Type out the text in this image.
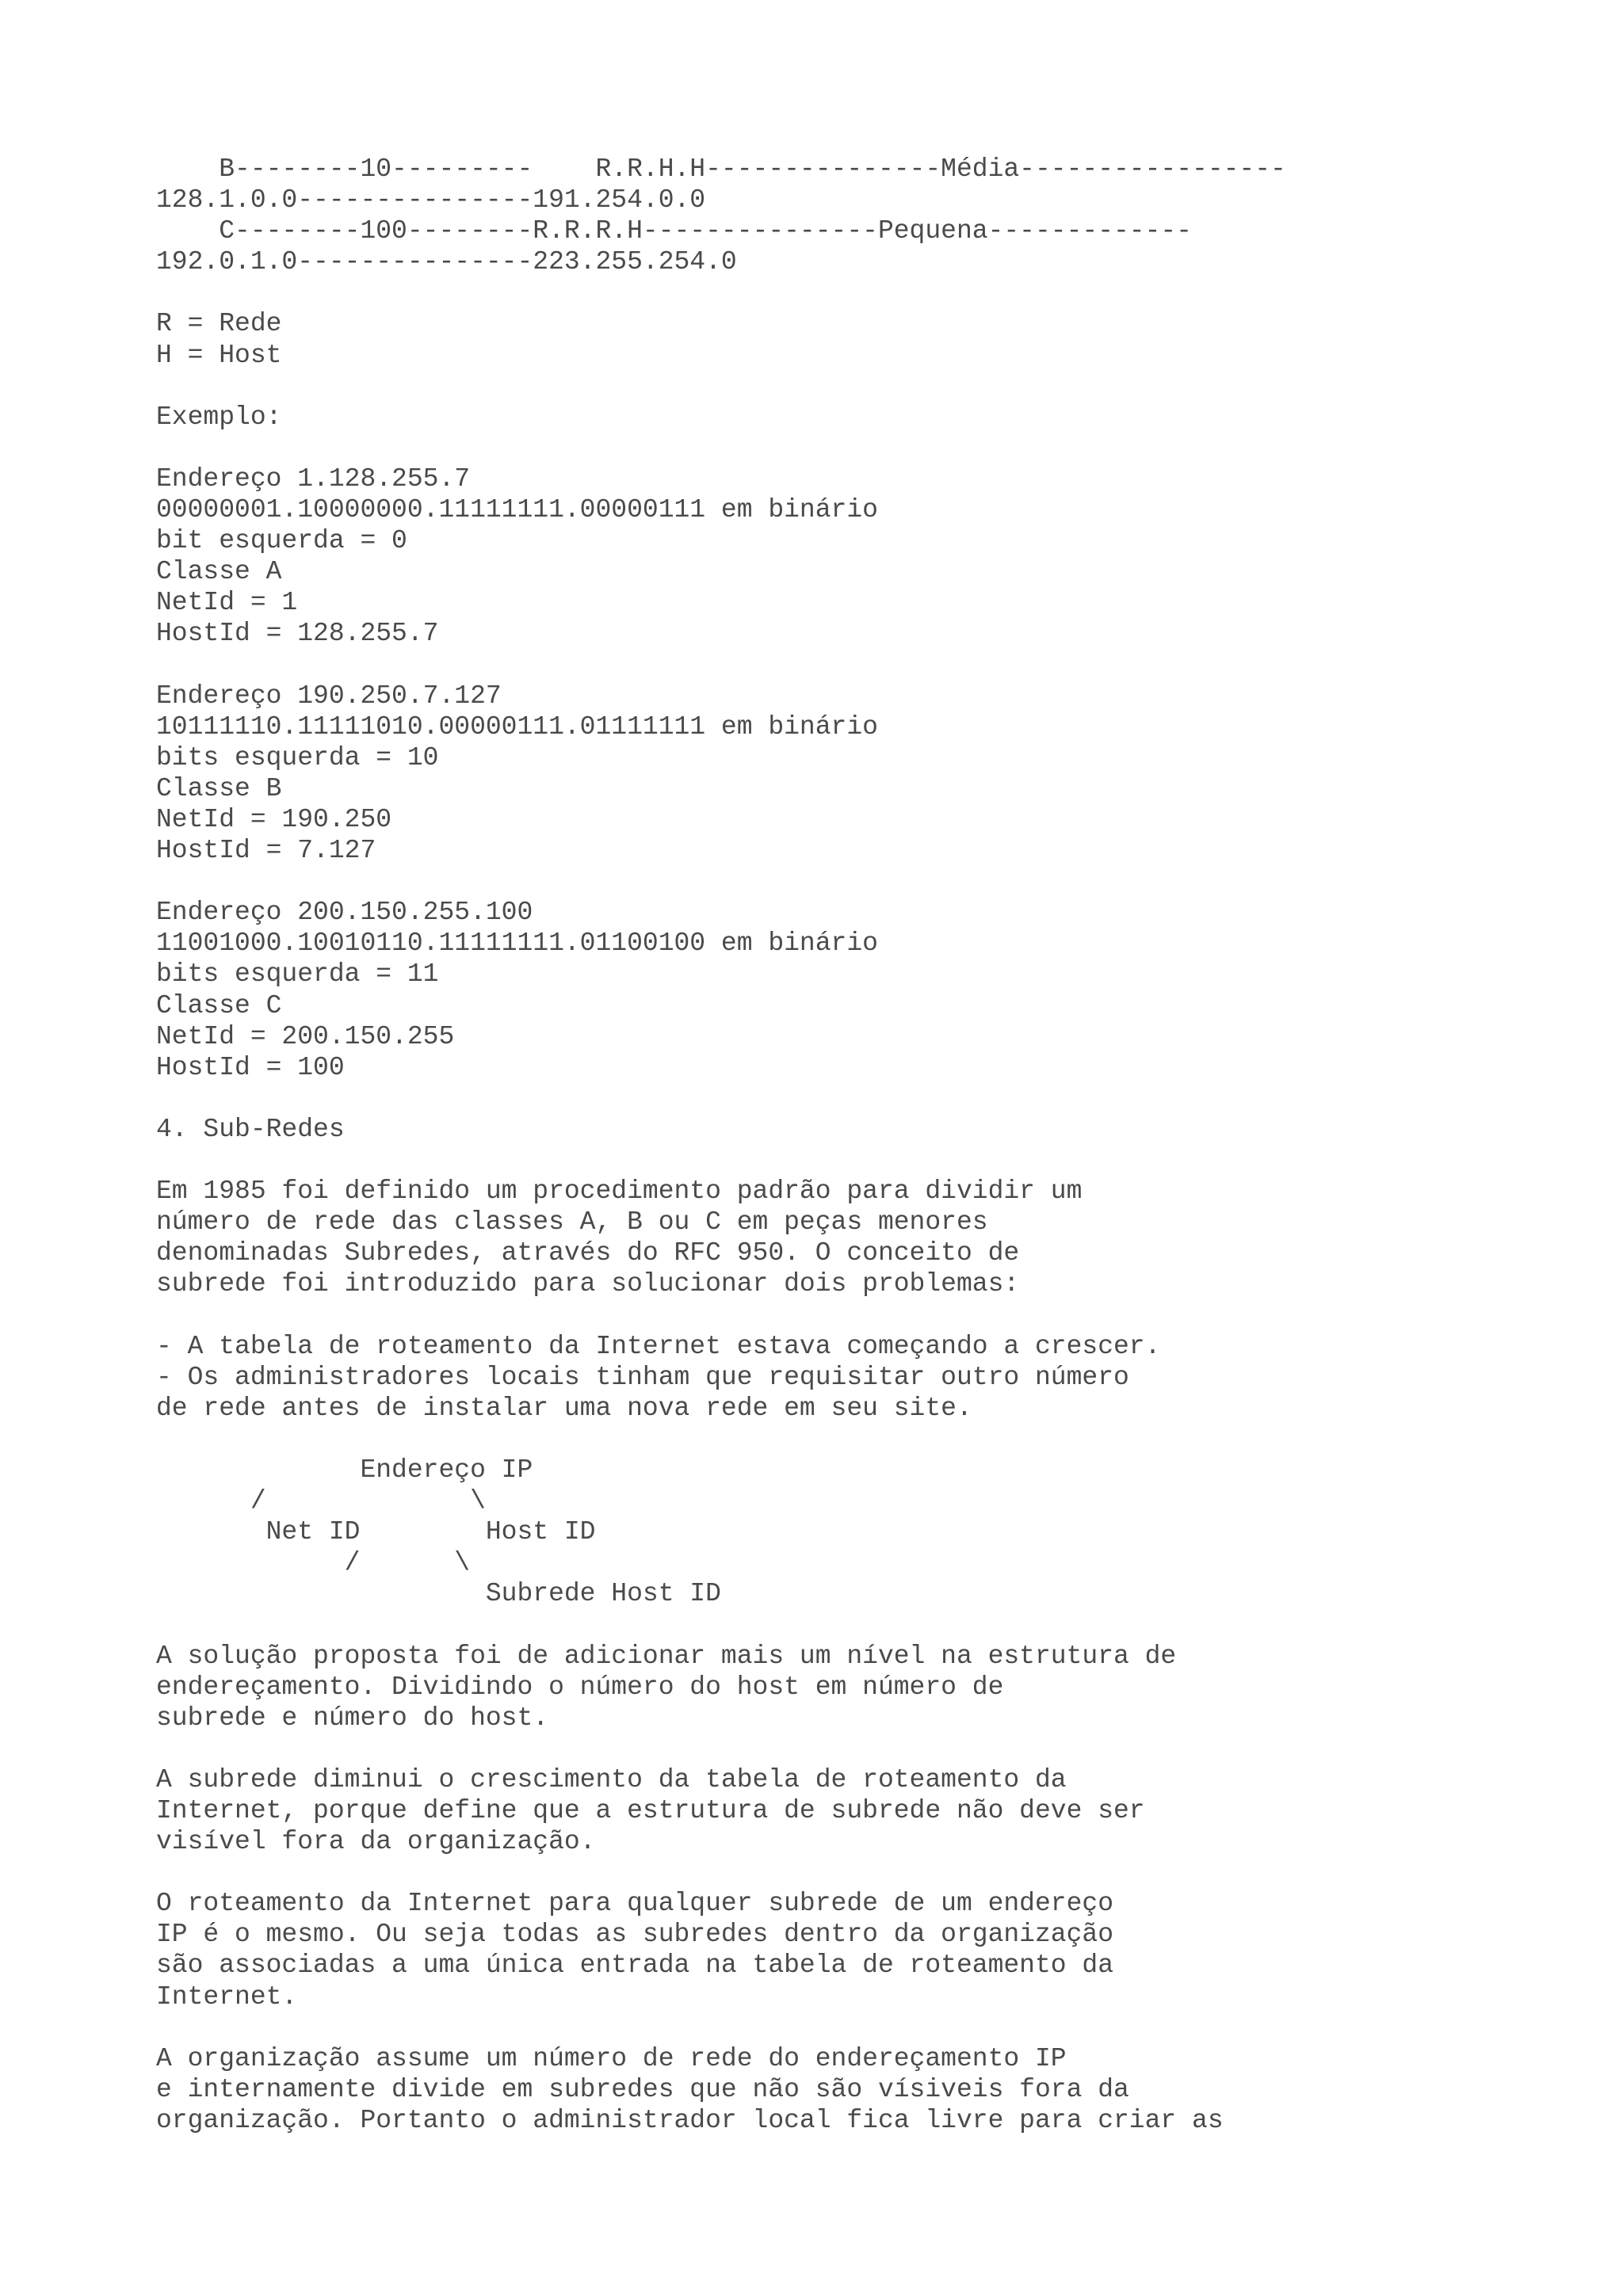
B--------10---------    R.R.H.H---------------Média-----------------
128.1.0.0---------------191.254.0.0
C--------100--------R.R.R.H---------------Pequena-------------
192.0.1.0---------------223.255.254.0

R = Rede
H = Host

Exemplo:

Endereço 1.128.255.7
00000001.10000000.11111111.00000111 em binário
bit esquerda = 0
Classe A
NetId = 1
HostId = 128.255.7

Endereço 190.250.7.127
10111110.11111010.00000111.01111111 em binário
bits esquerda = 10
Classe B
NetId = 190.250
HostId = 7.127

Endereço 200.150.255.100
11001000.10010110.11111111.01100100 em binário
bits esquerda = 11
Classe C
NetId = 200.150.255
HostId = 100

4. Sub-Redes

Em 1985 foi definido um procedimento padrão para dividir um
número de rede das classes A, B ou C em peças menores
denominadas Subredes, através do RFC 950. O conceito de
subrede foi introduzido para solucionar dois problemas:

- A tabela de roteamento da Internet estava começando a crescer.
- Os administradores locais tinham que requisitar outro número
de rede antes de instalar uma nova rede em seu site.

Endereço IP
/             \
Net ID        Host ID
/      \
Subrede Host ID

A solução proposta foi de adicionar mais um nível na estrutura de
endereçamento. Dividindo o número do host em número de
subrede e número do host.

A subrede diminui o crescimento da tabela de roteamento da
Internet, porque define que a estrutura de subrede não deve ser
visível fora da organização.

O roteamento da Internet para qualquer subrede de um endereço
IP é o mesmo. Ou seja todas as subredes dentro da organização
são associadas a uma única entrada na tabela de roteamento da
Internet.

A organização assume um número de rede do endereçamento IP
e internamente divide em subredes que não são vísiveis fora da
organização. Portanto o administrador local fica livre para criar as
